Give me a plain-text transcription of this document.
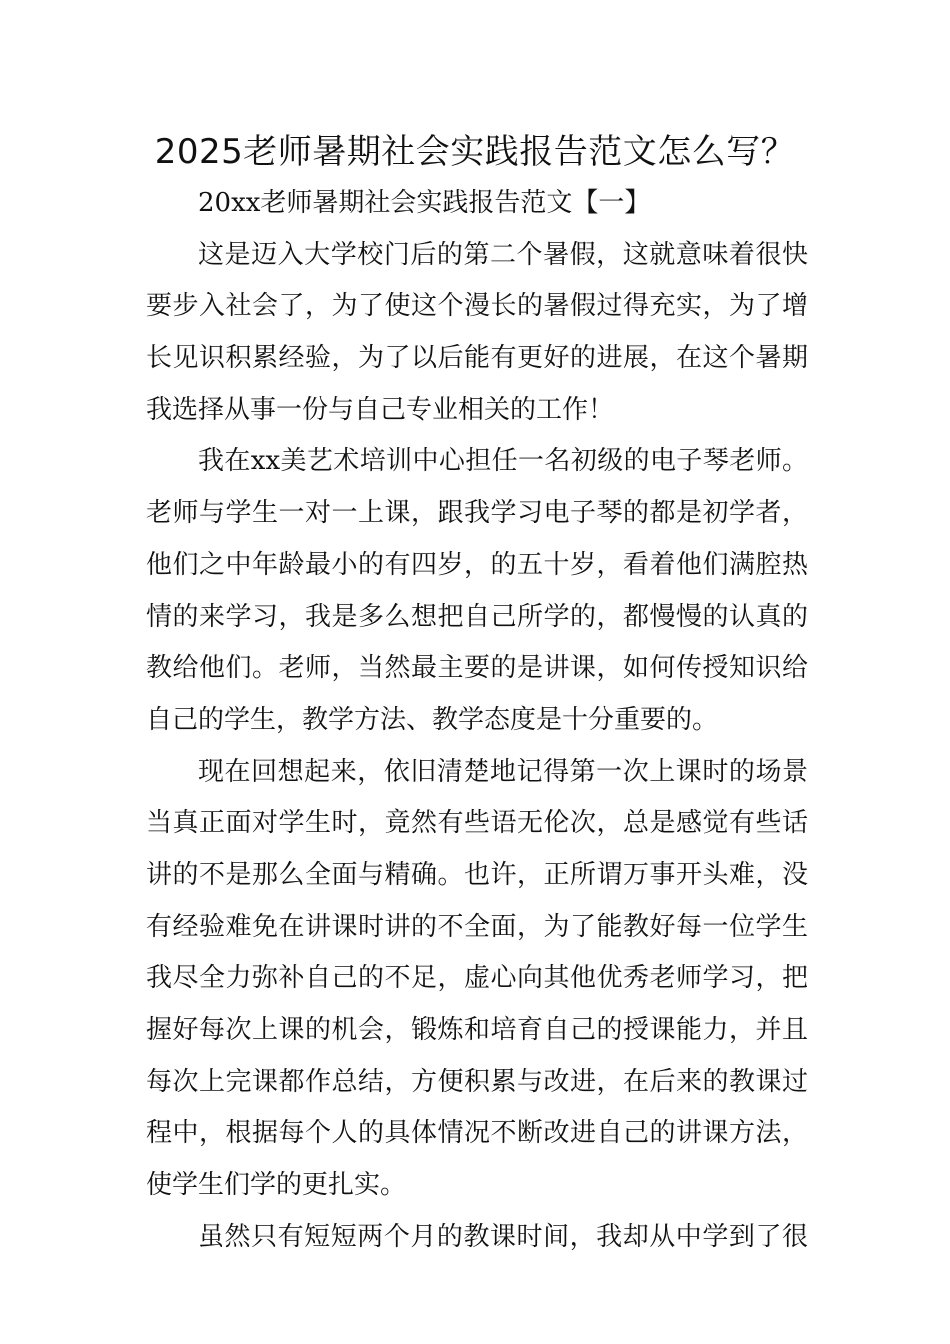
2025老师暑期社会实践报告范文怎么写？
20xx老师暑期社会实践报告范文【一】
这是迈入大学校门后的第二个暑假，这就意味着很快
要步入社会了，为了使这个漫长的暑假过得充实，为了增
长见识积累经验，为了以后能有更好的进展，在这个暑期
我选择从事一份与自己专业相关的工作！
我在xx美艺术培训中心担任一名初级的电子琴老师。
老师与学生一对一上课，跟我学习电子琴的都是初学者，
他们之中年龄最小的有四岁，的五十岁，看着他们满腔热
情的来学习，我是多么想把自己所学的，都慢慢的认真的
教给他们。老师，当然最主要的是讲课，如何传授知识给
自己的学生，教学方法、教学态度是十分重要的。
现在回想起来，依旧清楚地记得第一次上课时的场景
当真正面对学生时，竟然有些语无伦次，总是感觉有些话
讲的不是那么全面与精确。也许，正所谓万事开头难，没
有经验难免在讲课时讲的不全面，为了能教好每一位学生
我尽全力弥补自己的不足，虚心向其他优秀老师学习，把
握好每次上课的机会，锻炼和培育自己的授课能力，并且
每次上完课都作总结，方便积累与改进，在后来的教课过
程中，根据每个人的具体情况不断改进自己的讲课方法，
使学生们学的更扎实。
虽然只有短短两个月的教课时间，我却从中学到了很
